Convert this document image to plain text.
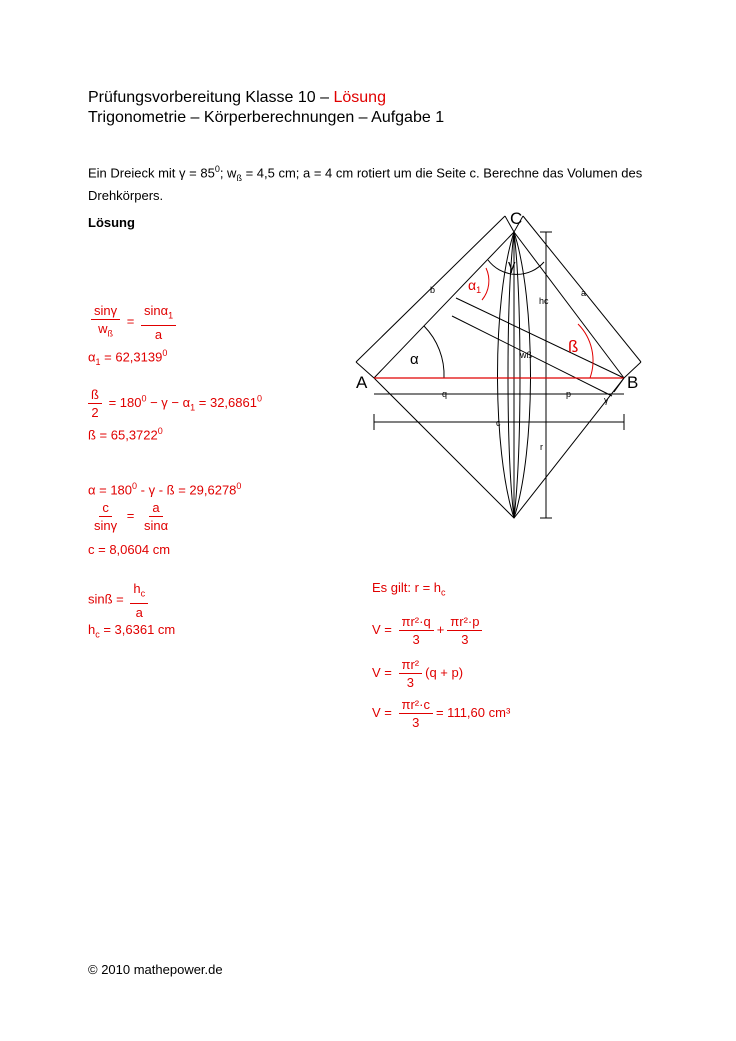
Prüfungsvorbereitung Klasse 10 – Lösung
Trigonometrie – Körperberechnungen – Aufgabe 1
Ein Dreieck mit $\gamma = 85^0$; $w_ß = 4,5$ cm; a = 4 cm rotiert um die Seite c. Berechne das Volumen des Drehkörpers.
Lösung
$\frac{\sin\gamma}{w_ß} = \frac{\sin\alpha_1}{a}$
$\alpha_1 = 62,3139^0$
$\frac{ß}{2} = 180^0 - \gamma - \alpha_1 = 32,6861^0$
ß = $65,3722^0$
$\alpha = 180^0 - \gamma$ - ß = $29,6278^0$
$\frac{c}{\sin\gamma} = \frac{a}{\sin\alpha}$
c = 8,0604 cm
sinß = $\frac{h_c}{a}$
$h_c = 3,6361$ cm
Es gilt: $r = h_c$
$V = \frac{\text{πr²·q}}{3} + \frac{\text{πr²·p}}{3}$
$V = \frac{\text{πr²}}{3} (q + p)$
$V = \frac{\text{πr²·c}}{3} = 111,60$ cm³
A	B
C
b	a
c
hc
wß
r
q	p
α
γ
ß
$\alpha_1$
γ
© 2010 mathepower.de
